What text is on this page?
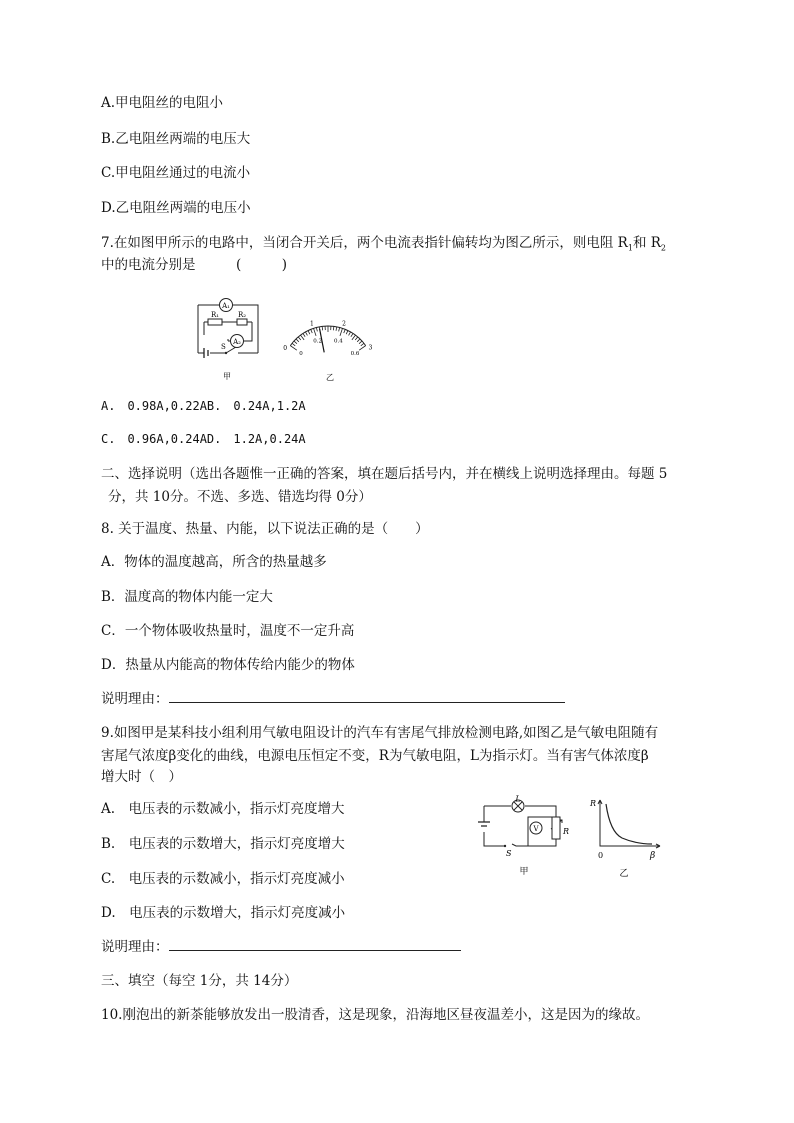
A.甲电阻丝的电阻小
B.乙电阻丝两端的电压大
C.甲电阻丝通过的电流小
D.乙电阻丝两端的电压小
7.在如图甲所示的电路中，当闭合开关后，两个电流表指针偏转均为图乙所示，则电阻 $R_1$和 $R_2$
中的电流分别是　　　(　　　)
A₁
R₁	R₂
A₂
S
甲	乙
1	2
0	3
0
0.2 0.4
0.6
A.　0.98A,0.22AB.　0.24A,1.2A
C.　0.96A,0.24AD.　1.2A,0.24A
二、选择说明（选出各题惟一正确的答案，填在题后括号内，并在横线上说明选择理由。每题 5
分，共 10分。不选、多选、错选均得 0分）
8. 关于温度、热量、内能，以下说法正确的是（　　）
A．物体的温度越高，所含的热量越多
B．温度高的物体内能一定大
C．一个物体吸收热量时，温度不一定升高
D．热量从内能高的物体传给内能少的物体
说明理由：
9.如图甲是某科技小组利用气敏电阻设计的汽车有害尾气排放检测电路,如图乙是气敏电阻随有
害尾气浓度β变化的曲线，电源电压恒定不变，R为气敏电阻，L为指示灯。当有害气体浓度β
增大时（　）
A.　电压表的示数减小，指示灯亮度增大
B.　电压表的示数增大，指示灯亮度增大
C.　电压表的示数减小，指示灯亮度减小
D.　电压表的示数增大，指示灯亮度减小
说明理由：
L
V	R
S
甲
R
0	β
乙
三、填空（每空 1分，共 14分）
10.刚泡出的新茶能够放发出一股清香，这是现象，沿海地区昼夜温差小，这是因为的缘故。
